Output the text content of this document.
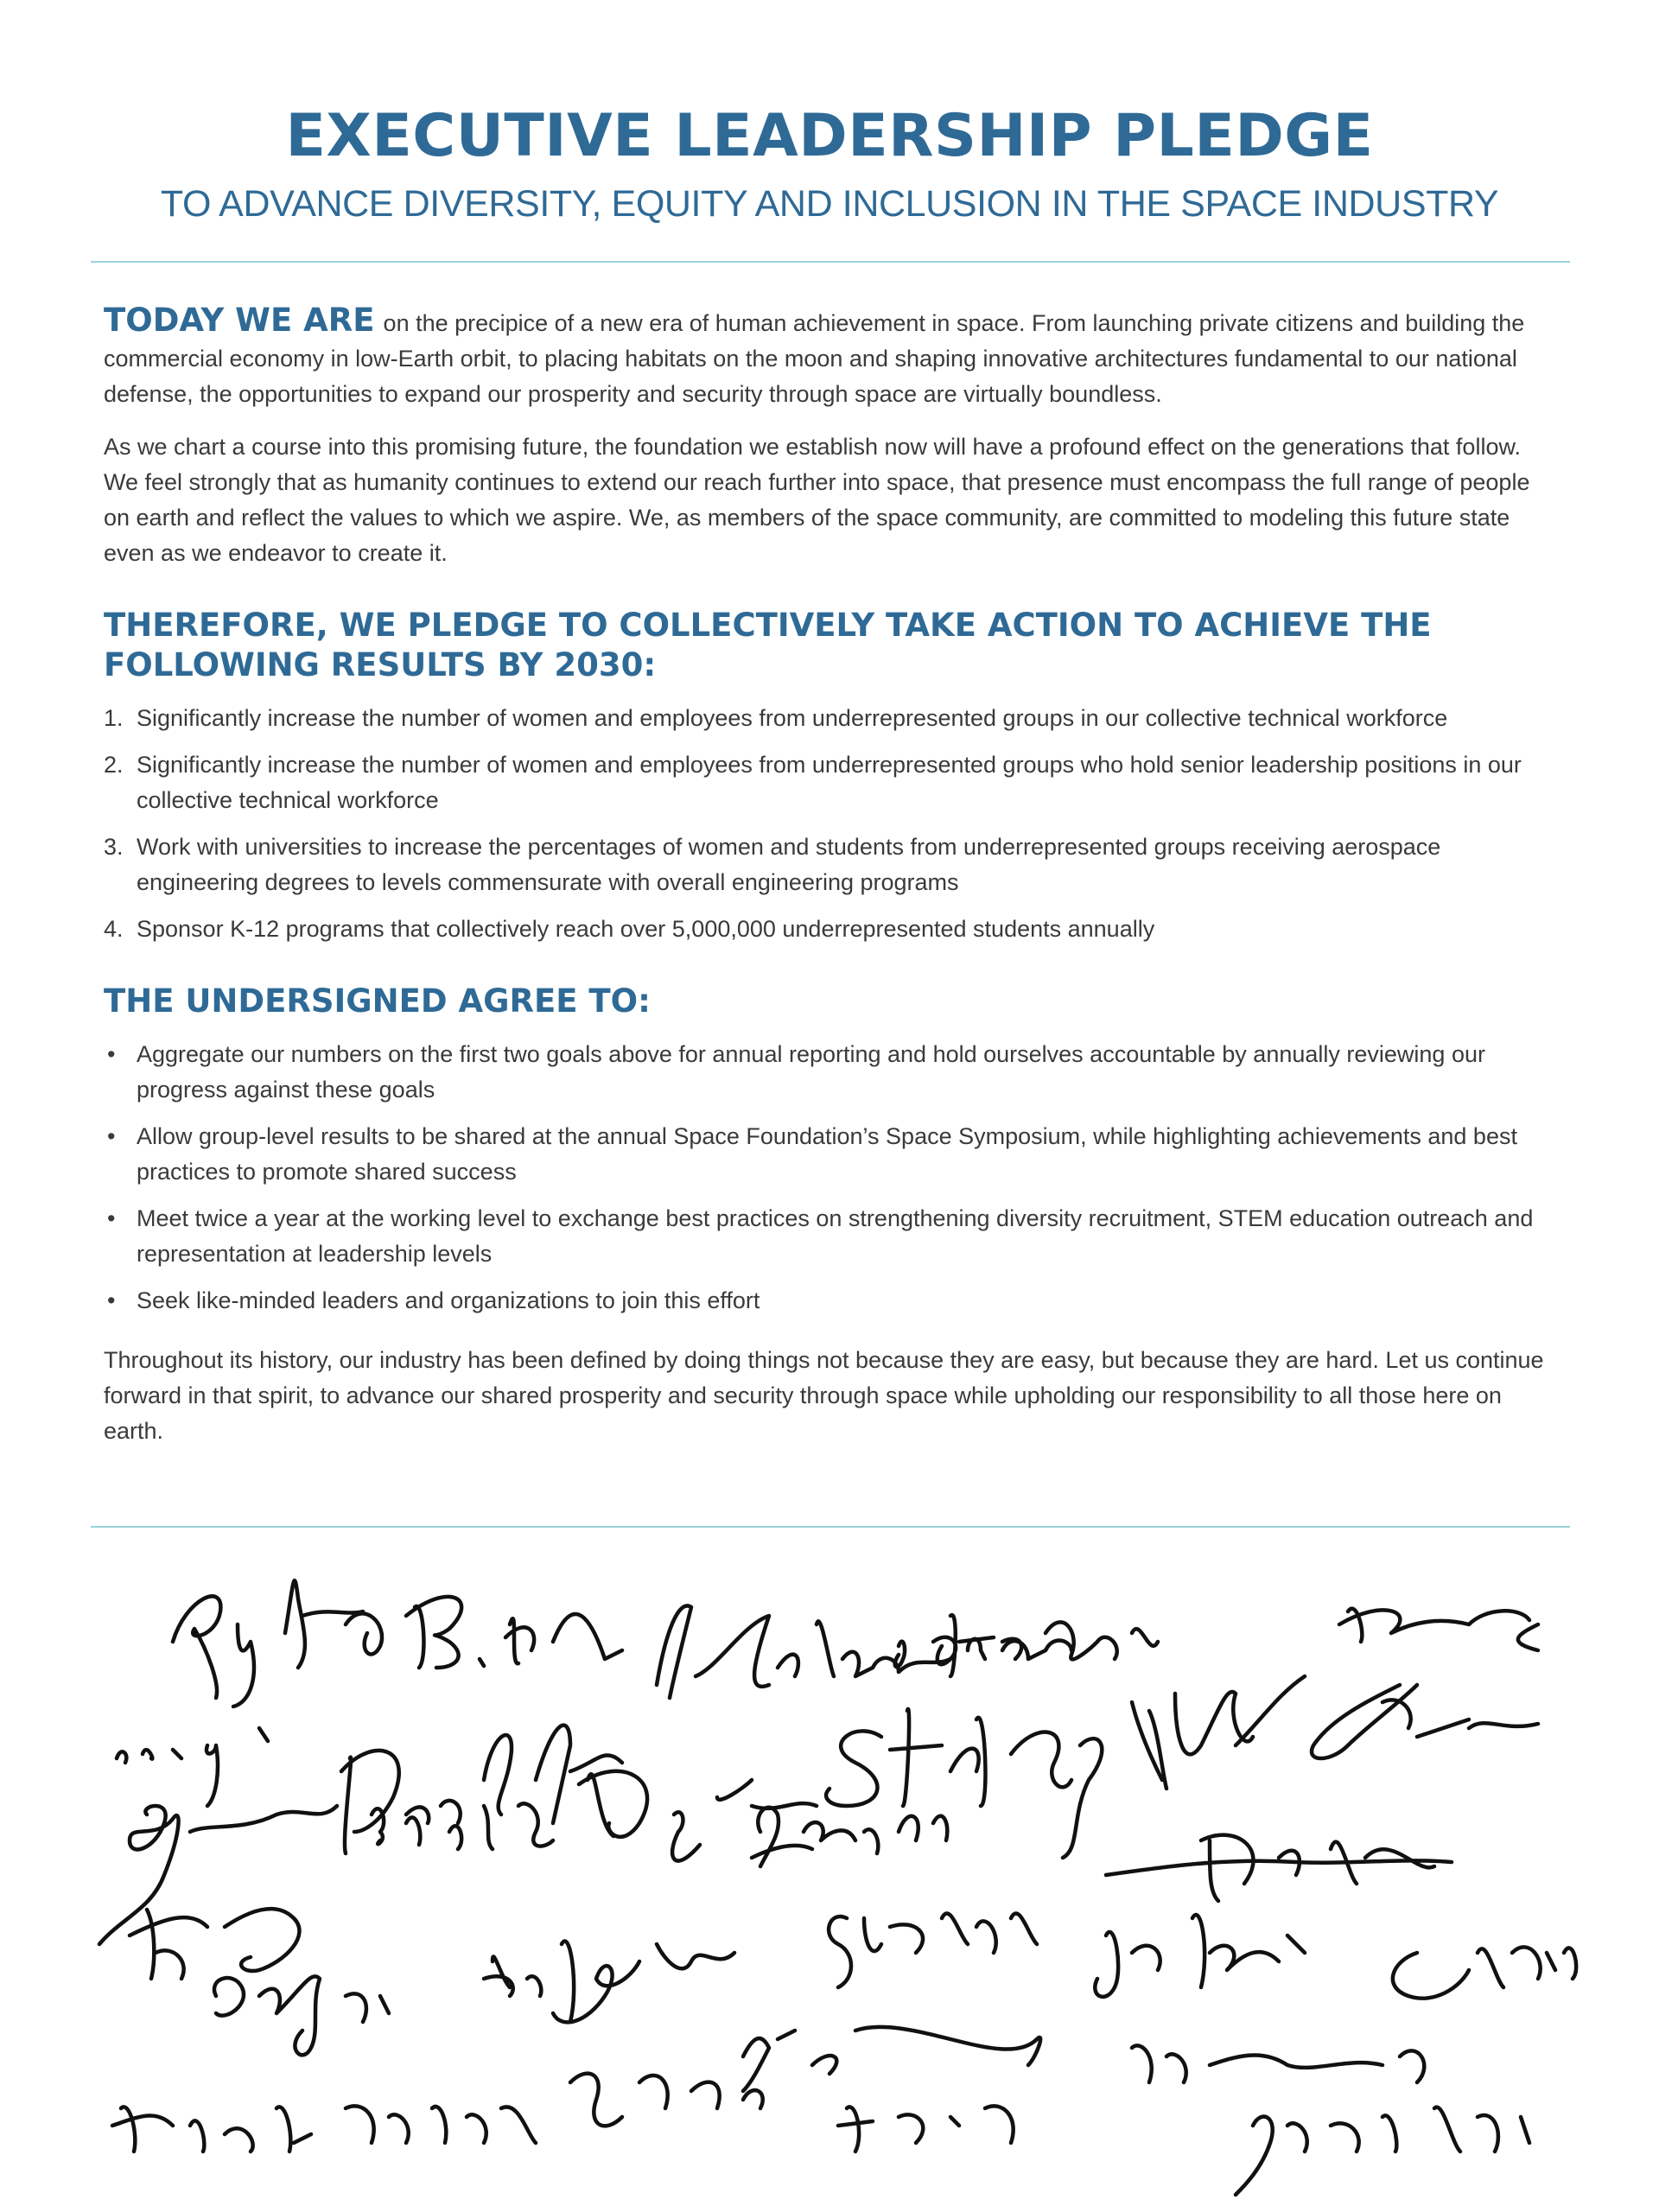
EXECUTIVE LEADERSHIP PLEDGE
TO ADVANCE DIVERSITY, EQUITY AND INCLUSION IN THE SPACE INDUSTRY

TODAY WE ARE on the precipice of a new era of human achievement in space. From launching private citizens and building the commercial economy in low-Earth orbit, to placing habitats on the moon and shaping innovative architectures fundamental to our national defense, the opportunities to expand our prosperity and security through space are virtually boundless.

As we chart a course into this promising future, the foundation we establish now will have a profound effect on the generations that follow. We feel strongly that as humanity continues to extend our reach further into space, that presence must encompass the full range of people on earth and reflect the values to which we aspire. We, as members of the space community, are committed to modeling this future state even as we endeavor to create it.

THEREFORE, WE PLEDGE TO COLLECTIVELY TAKE ACTION TO ACHIEVE THE FOLLOWING RESULTS BY 2030:
1. Significantly increase the number of women and employees from underrepresented groups in our collective technical workforce
2. Significantly increase the number of women and employees from underrepresented groups who hold senior leadership positions in our collective technical workforce
3. Work with universities to increase the percentages of women and students from underrepresented groups receiving aerospace engineering degrees to levels commensurate with overall engineering programs
4. Sponsor K-12 programs that collectively reach over 5,000,000 underrepresented students annually
THE UNDERSIGNED AGREE TO:
• Aggregate our numbers on the first two goals above for annual reporting and hold ourselves accountable by annually reviewing our progress against these goals
• Allow group-level results to be shared at the annual Space Foundation’s Space Symposium, while highlighting achievements and best practices to promote shared success
• Meet twice a year at the working level to exchange best practices on strengthening diversity recruitment, STEM education outreach and representation at leadership levels
• Seek like-minded leaders and organizations to join this effort

Throughout its history, our industry has been defined by doing things not because they are easy, but because they are hard. Let us continue forward in that spirit, to advance our shared prosperity and security through space while upholding our responsibility to all those here on earth.
